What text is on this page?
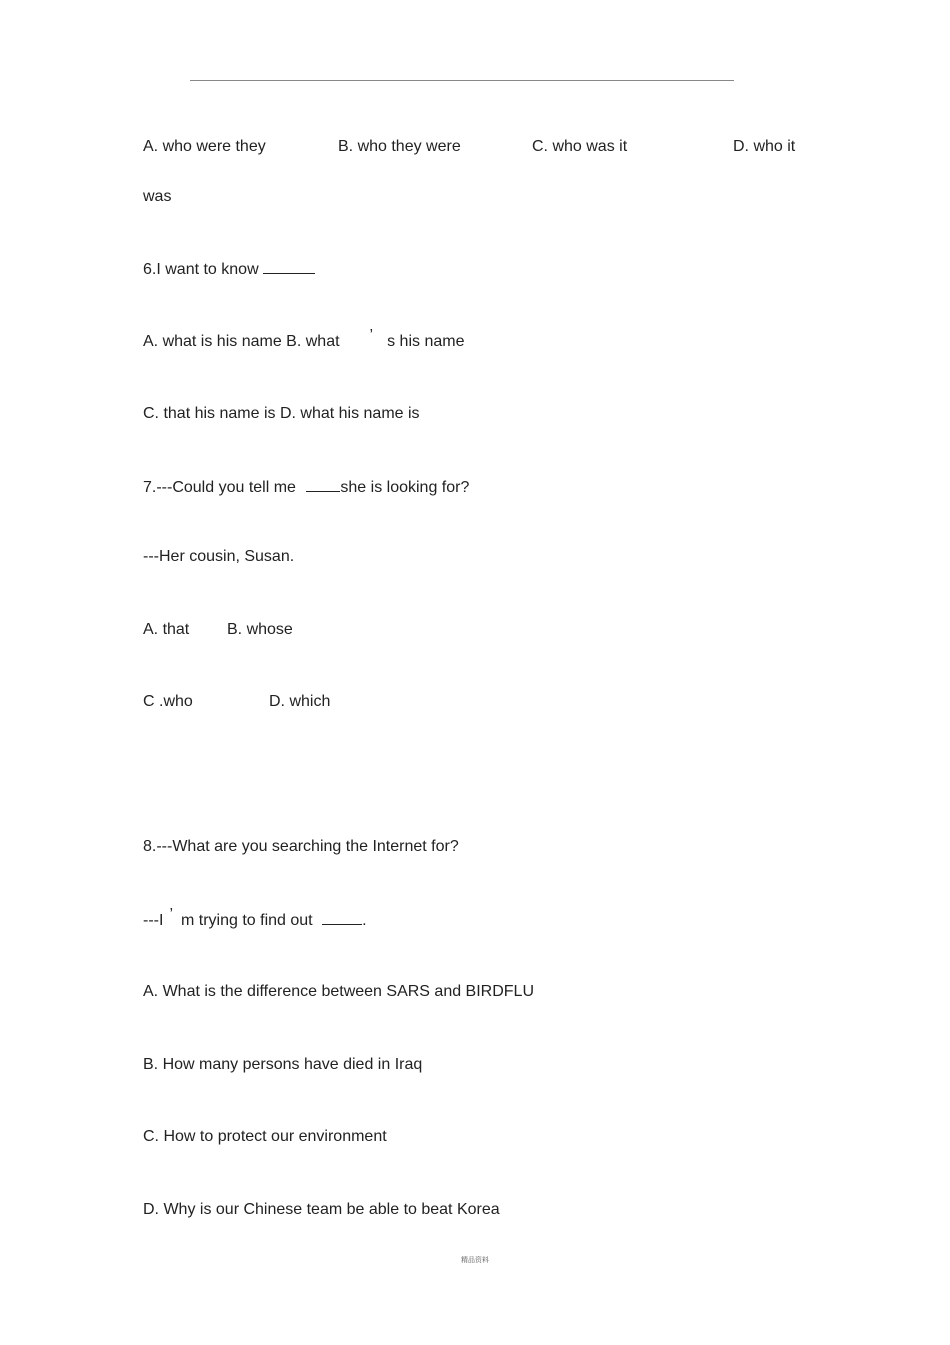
A. who were they	B. who they were	C. who was it	D. who it
was
6.I want to know
A. what is his name B. what ’ s his name
C. that his name is D. what his name is
7.---Could you tell me	she is looking for?
---Her cousin, Susan.
A. that B. whose
C .who	D. which
8.---What are you searching the Internet for?
---I ’ m trying to find out	.
A. What is the difference between SARS and BIRDFLU
B. How many persons have died in Iraq
C. How to protect our environment
D. Why is our Chinese team be able to beat Korea
精品资料
